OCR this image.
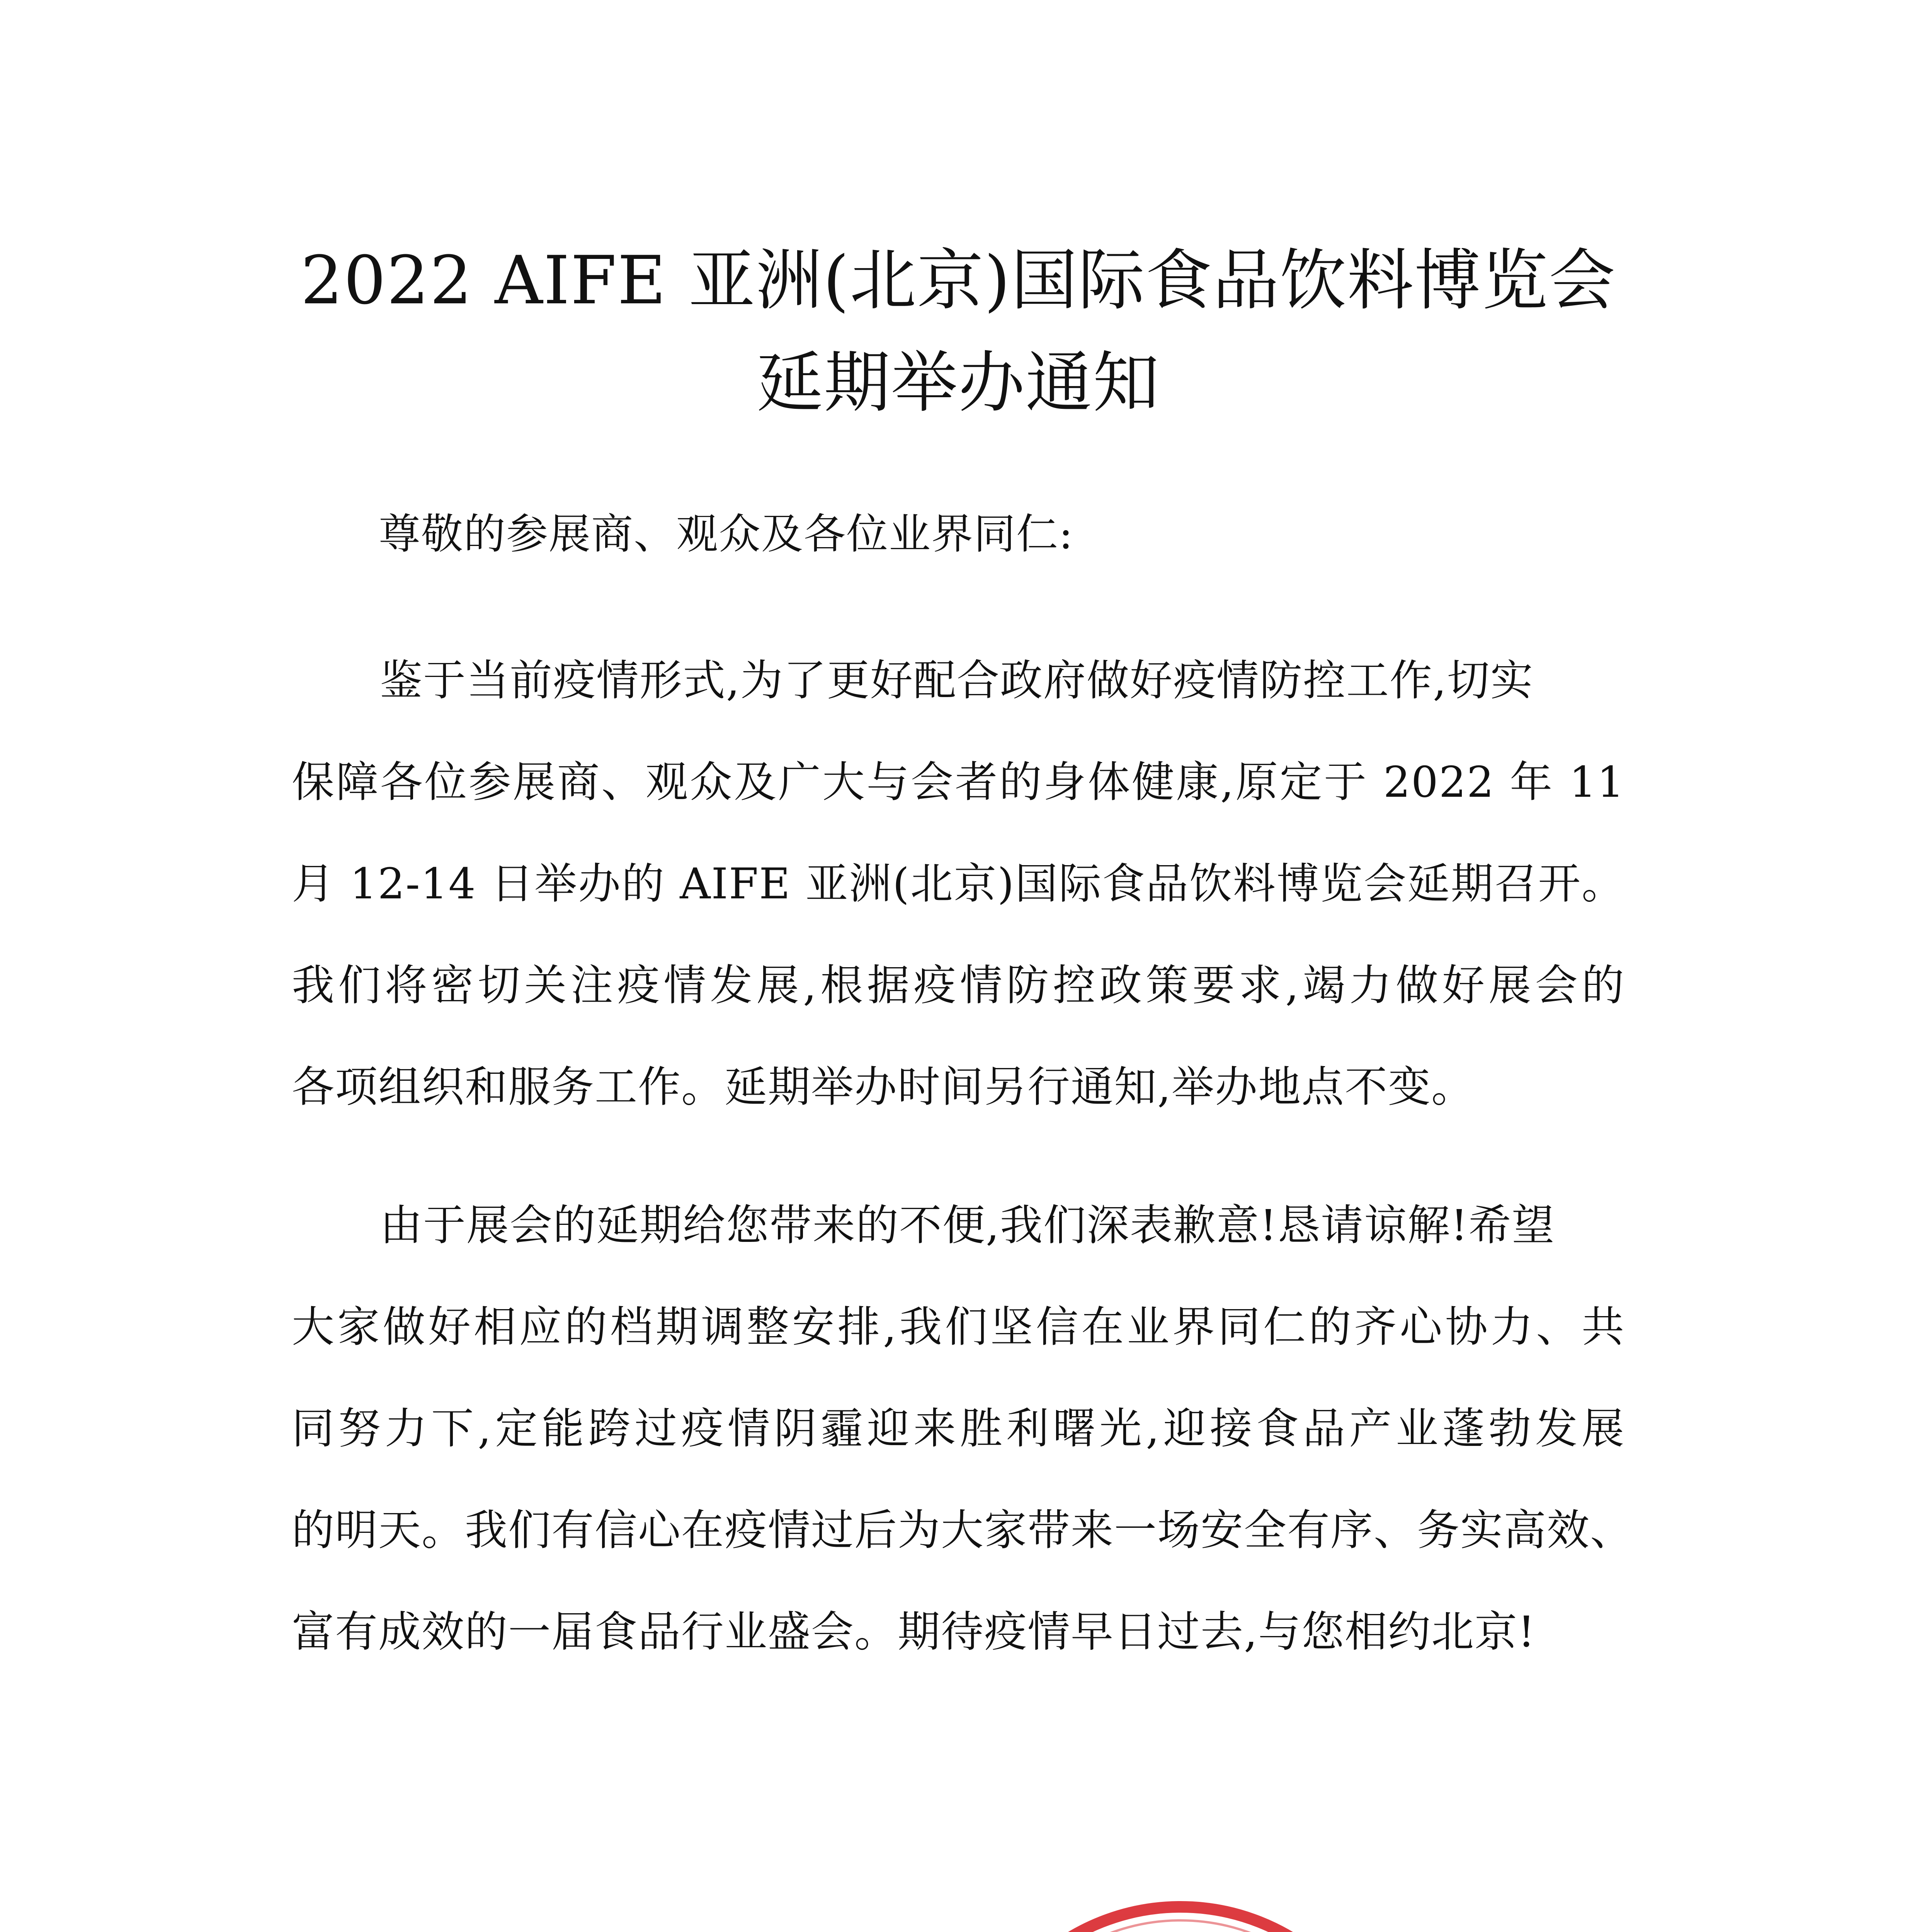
2022 AIFE 亚洲(北京)国际食品饮料博览会
延期举办通知
尊敬的参展商、观众及各位业界同仁:
鉴于当前疫情形式,为了更好配合政府做好疫情防控工作,切实
保障各位参展商、观众及广大与会者的身体健康,原定于 2022 年 11
月 12-14 日举办的 AIFE 亚洲(北京)国际食品饮料博览会延期召开。
我们将密切关注疫情发展,根据疫情防控政策要求,竭力做好展会的
各项组织和服务工作。延期举办时间另行通知,举办地点不变。
由于展会的延期给您带来的不便,我们深表歉意!恳请谅解!希望
大家做好相应的档期调整安排,我们坚信在业界同仁的齐心协力、共
同努力下,定能跨过疫情阴霾迎来胜利曙光,迎接食品产业蓬勃发展
的明天。我们有信心在疫情过后为大家带来一场安全有序、务实高效、
富有成效的一届食品行业盛会。期待疫情早日过去,与您相约北京!
